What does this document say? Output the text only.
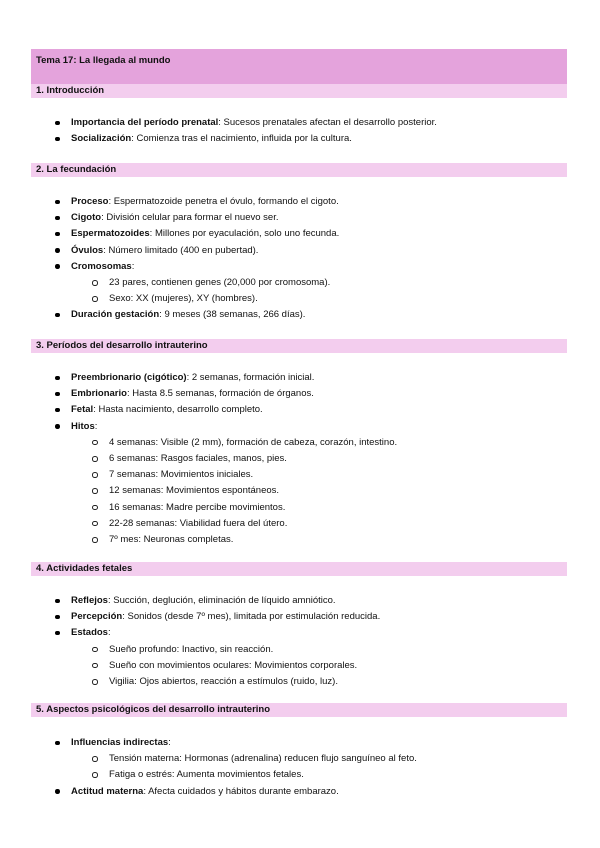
Tema 17: La llegada al mundo
1. Introducción
Importancia del período prenatal: Sucesos prenatales afectan el desarrollo posterior.
Socialización: Comienza tras el nacimiento, influida por la cultura.
2. La fecundación
Proceso: Espermatozoide penetra el óvulo, formando el cigoto.
Cigoto: División celular para formar el nuevo ser.
Espermatozoides: Millones por eyaculación, solo uno fecunda.
Óvulos: Número limitado (400 en pubertad).
Cromosomas:
23 pares, contienen genes (20,000 por cromosoma).
Sexo: XX (mujeres), XY (hombres).
Duración gestación: 9 meses (38 semanas, 266 días).
3. Períodos del desarrollo intrauterino
Preembrionario (cigótico): 2 semanas, formación inicial.
Embrionario: Hasta 8.5 semanas, formación de órganos.
Fetal: Hasta nacimiento, desarrollo completo.
Hitos:
4 semanas: Visible (2 mm), formación de cabeza, corazón, intestino.
6 semanas: Rasgos faciales, manos, pies.
7 semanas: Movimientos iniciales.
12 semanas: Movimientos espontáneos.
16 semanas: Madre percibe movimientos.
22-28 semanas: Viabilidad fuera del útero.
7º mes: Neuronas completas.
4. Actividades fetales
Reflejos: Succión, deglución, eliminación de líquido amniótico.
Percepción: Sonidos (desde 7º mes), limitada por estimulación reducida.
Estados:
Sueño profundo: Inactivo, sin reacción.
Sueño con movimientos oculares: Movimientos corporales.
Vigilia: Ojos abiertos, reacción a estímulos (ruido, luz).
5. Aspectos psicológicos del desarrollo intrauterino
Influencias indirectas:
Tensión materna: Hormonas (adrenalina) reducen flujo sanguíneo al feto.
Fatiga o estrés: Aumenta movimientos fetales.
Actitud materna: Afecta cuidados y hábitos durante embarazo.
